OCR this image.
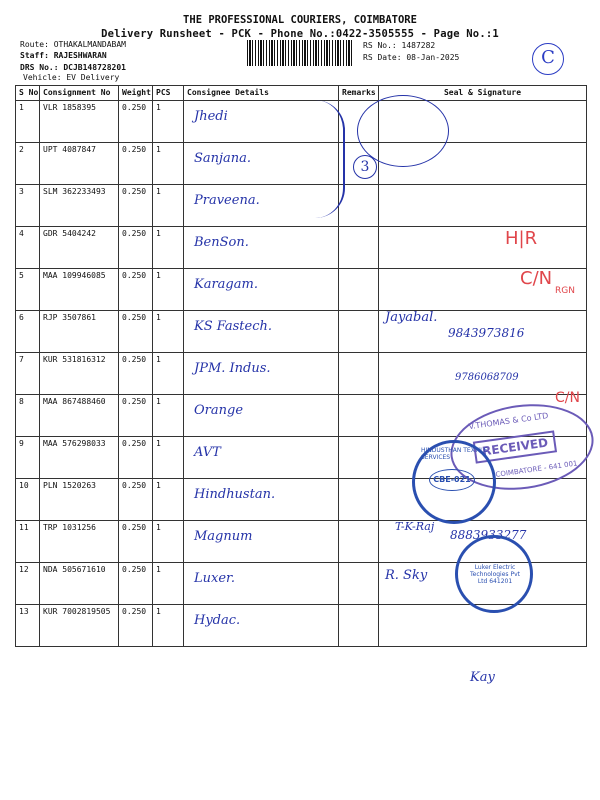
THE PROFESSIONAL COURIERS, COIMBATORE
Delivery Runsheet - PCK - Phone No.:0422-3505555 - Page No.:1
Route: OTHAKALMANDABAM
Staff: RAJESHWARAN
DRS No.: DCJB148728201
Vehicle: EV Delivery
RS No.: 1487282
RS Date: 08-Jan-2025	C
S No	Consignment No	Weight	PCS	Consignee Details	Remarks	Seal & Signature
1	VLR 1858395	0.250	1	Jhedi		

2	UPT 4087847	0.250	1	Sanjana.		

3	SLM 362233493	0.250	1	Praveena.		

4	GDR 5404242	0.250	1	BenSon.		

5	MAA 109946085	0.250	1	Karagam.		

6	RJP 3507861	0.250	1	KS Fastech.		

7	KUR 531816312	0.250	1	JPM. Indus.		

8	MAA 867488460	0.250	1	Orange		

9	MAA 576298033	0.250	1	AVT		

10	PLN 1520263	0.250	1	Hindhustan.		

11	TRP 1031256	0.250	1	Magnum		

12	NDA 505671610	0.250	1	Luxer.		

13	KUR 7002819505	0.250	1	Hydac.		

3
H|R
C/N
RGN
Jayabal.
9843973816
9786068709
C/N
V.THOMAS & Co LTD
RECEIVED
COIMBATORE - 641 001
HINDUSTHAN TEXTILE SERVICES
CBE-021
T-K-Raj
8883933277
Luker Electric Technologies Pvt Ltd 641201
R. Sky
Kay
